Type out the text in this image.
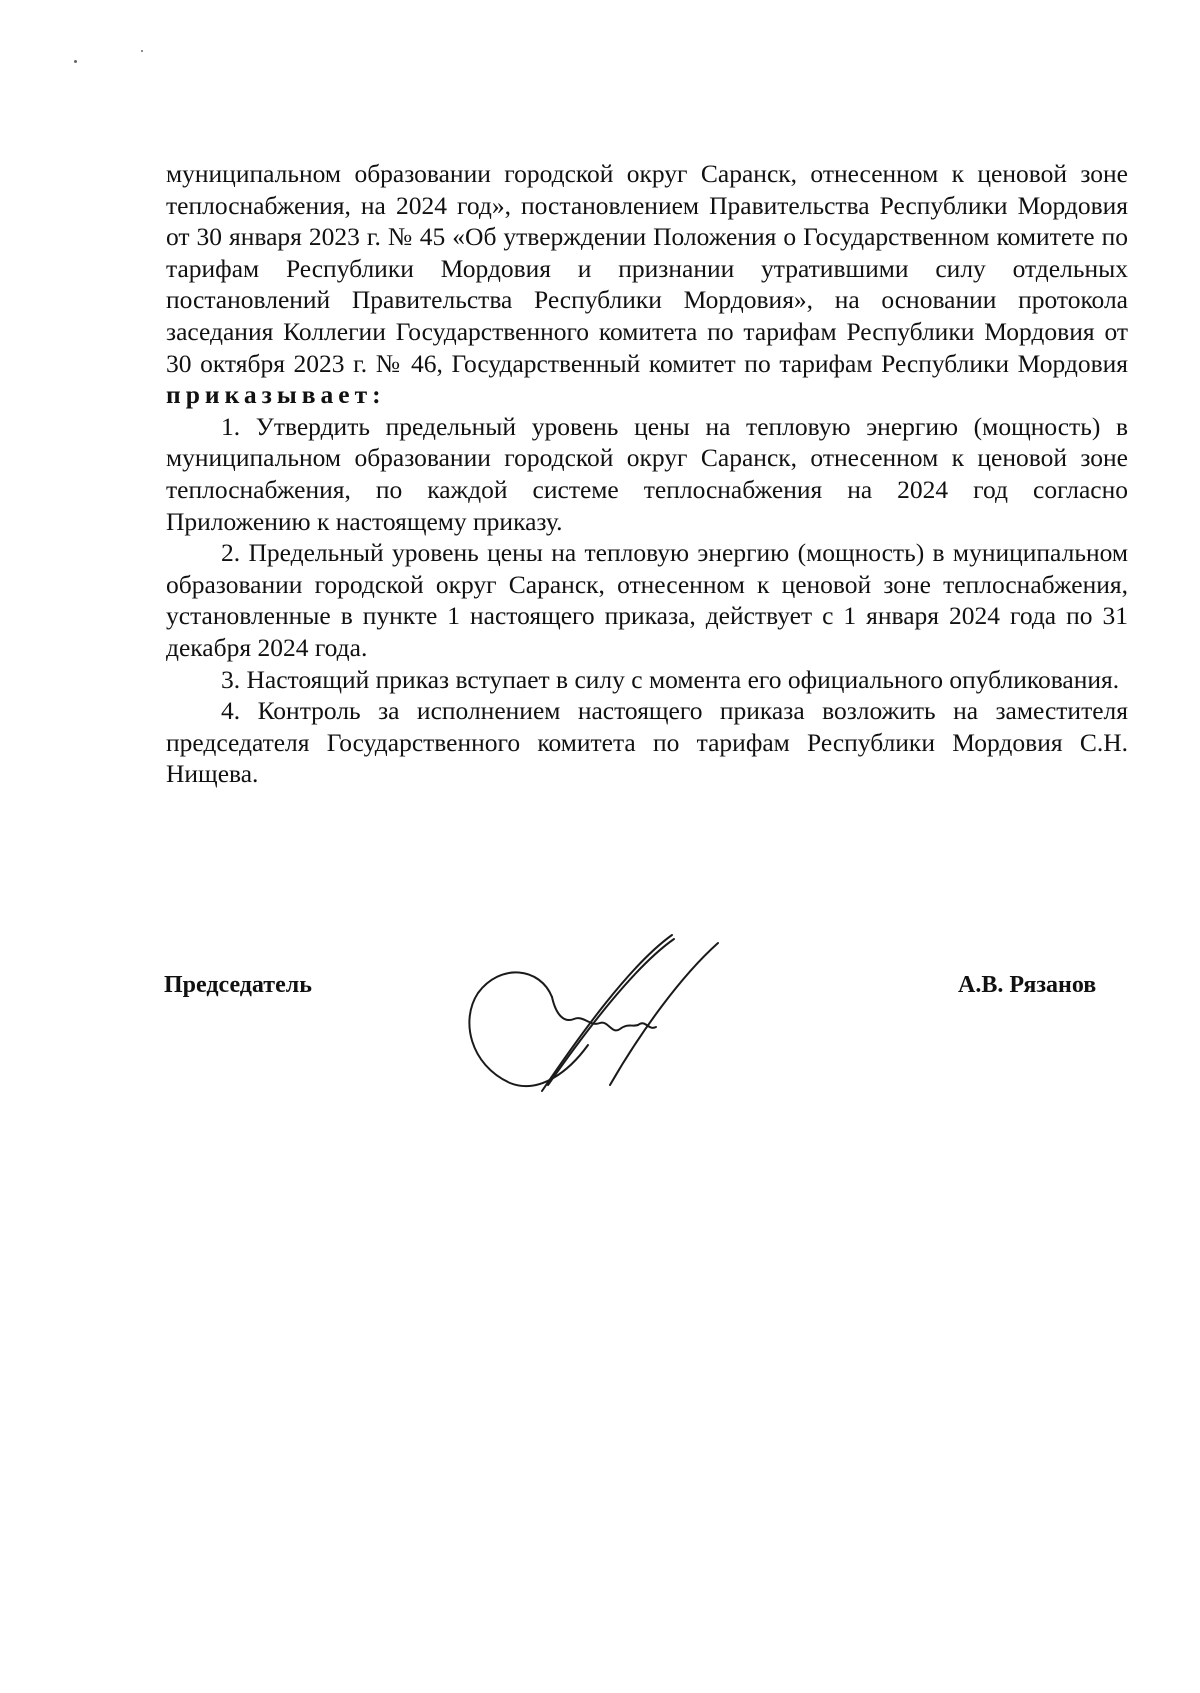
муниципальном образовании городской округ Саранск, отнесенном к ценовой зоне теплоснабжения, на 2024 год», постановлением Правительства Республики Мордовия от 30 января 2023 г. № 45 «Об утверждении Положения о Государственном комитете по тарифам Республики Мордовия и признании утратившими силу отдельных постановлений Правительства Республики Мордовия», на основании протокола заседания Коллегии Государственного комитета по тарифам Республики Мордовия от 30 октября 2023 г. № 46, Государственный комитет по тарифам Республики Мордовия приказывает:

1. Утвердить предельный уровень цены на тепловую энергию (мощность) в муниципальном образовании городской округ Саранск, отнесенном к ценовой зоне теплоснабжения, по каждой системе теплоснабжения на 2024 год согласно Приложению к настоящему приказу.

2. Предельный уровень цены на тепловую энергию (мощность) в муниципальном образовании городской округ Саранск, отнесенном к ценовой зоне теплоснабжения, установленные в пункте 1 настоящего приказа, действует с 1 января 2024 года по 31 декабря 2024 года.

3. Настоящий приказ вступает в силу с момента его официального опубликования.

4. Контроль за исполнением настоящего приказа возложить на заместителя председателя Государственного комитета по тарифам Республики Мордовия С.Н. Нищева.

Председатель	А.В. Рязанов
